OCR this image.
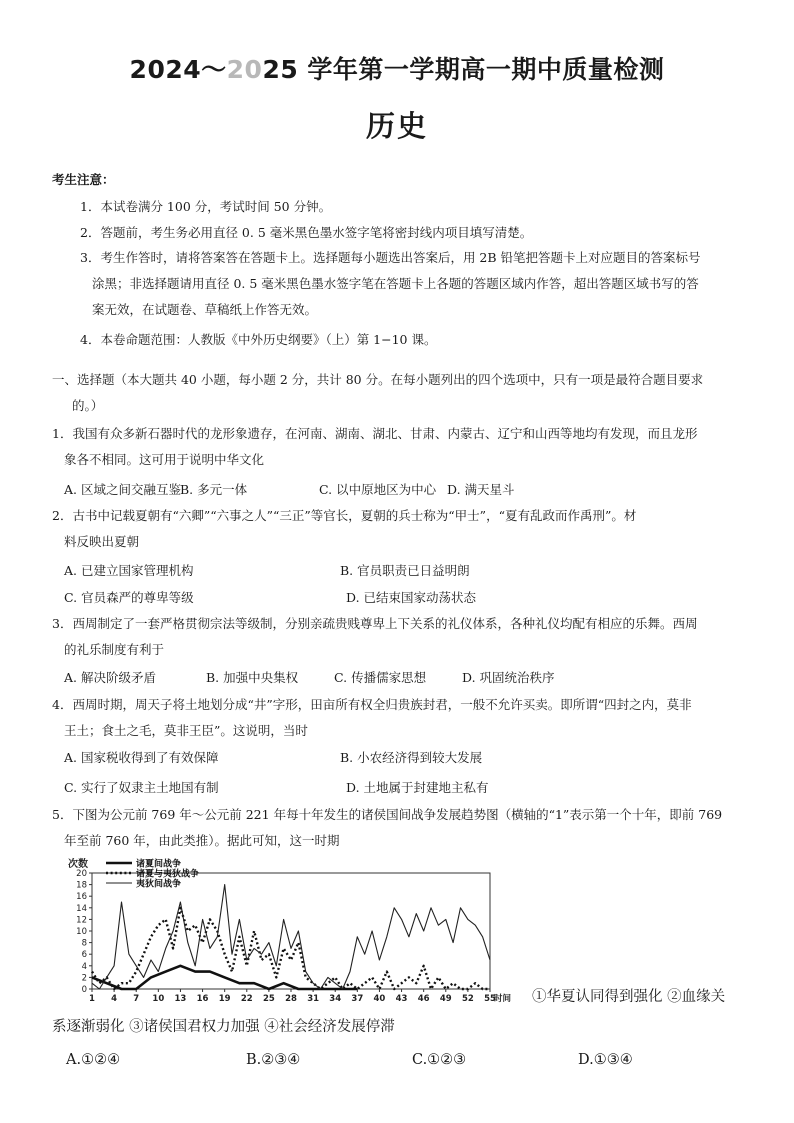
2024～2025 学年第一学期高一期中质量检测
历史
考生注意：
1．本试卷满分 100 分，考试时间 50 分钟。
2．答题前，考生务必用直径 0. 5 毫米黑色墨水签字笔将密封线内项目填写清楚。
3．考生作答时，请将答案答在答题卡上。选择题每小题选出答案后，用 2B 铅笔把答题卡上对应题目的答案标号
涂黑；非选择题请用直径 0. 5 毫米黑色墨水签字笔在答题卡上各题的答题区域内作答，超出答题区域书写的答
案无效，在试题卷、草稿纸上作答无效。
4．本卷命题范围：人教版《中外历史纲要》（上）第 1−10 课。
一、选择题（本大题共 40 小题，每小题 2 分，共计 80 分。在每小题列出的四个选项中，只有一项是最符合题目要求
的。）
1．我国有众多新石器时代的龙形象遗存，在河南、湖南、湖北、甘肃、内蒙古、辽宁和山西等地均有发现，而且龙形
象各不相同。这可用于说明中华文化
A. 区域之间交融互鉴 B. 多元一体	C. 以中原地区为中心 D. 满天星斗
2．古书中记载夏朝有“六卿”“六事之人”“三正”等官长，夏朝的兵士称为“甲士”，“夏有乱政而作禹刑”。材
料反映出夏朝
A. 已建立国家管理机构	B. 官员职责已日益明朗
C. 官员森严的尊卑等级	D. 已结束国家动荡状态
3．西周制定了一套严格贯彻宗法等级制，分别亲疏贵贱尊卑上下关系的礼仪体系，各种礼仪均配有相应的乐舞。西周
的礼乐制度有利于
A. 解决阶级矛盾	B. 加强中央集权	C. 传播儒家思想	D. 巩固统治秩序
4．西周时期，周天子将土地划分成“井”字形，田亩所有权全归贵族封君，一般不允许买卖。即所谓“四封之内，莫非
王土；食土之毛，莫非王臣”。这说明，当时
A. 国家税收得到了有效保障	B. 小农经济得到较大发展
C. 实行了奴隶主土地国有制	D. 土地属于封建地主私有
5．下图为公元前 769 年～公元前 221 年每十年发生的诸侯国间战争发展趋势图（横轴的“1”表示第一个十年，即前 769
年至前 760 年，由此类推）。据此可知，这一时期
0
2
4
6
8
10
12
14
16
18
20
1 4 7 10 13 16 19 22 25 28 31 34 37 40 43 46 49 52 55
次数
时间
诸夏间战争
诸夏与夷狄战争
夷狄间战争
①华夏认同得到强化 ②血缘关
系逐渐弱化 ③诸侯国君权力加强 ④社会经济发展停滞
A.①②④	B.②③④	C.①②③	D.①③④
